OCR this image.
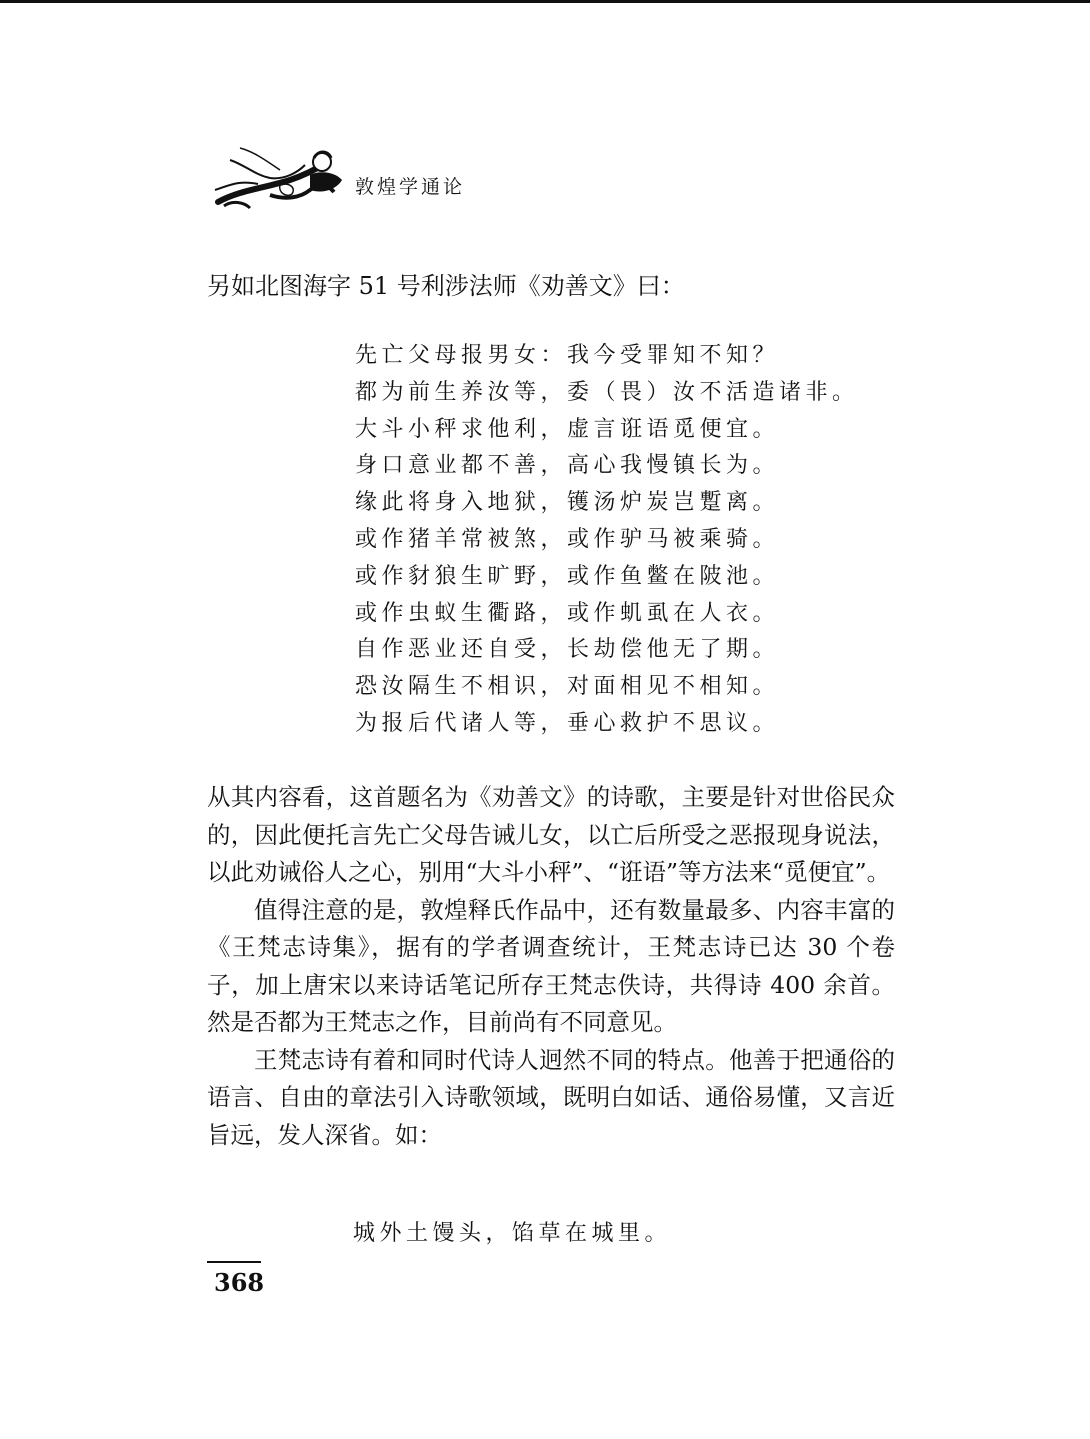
敦煌学通论
另如北图海字 51 号利涉法师《劝善文》曰：
先亡父母报男女：我今受罪知不知？
都为前生养汝等，委（畏）汝不活造诸非。
大斗小秤求他利，虚言诳语觅便宜。
身口意业都不善，高心我慢镇长为。
缘此将身入地狱，镬汤炉炭岂蹔离。
或作猪羊常被煞，或作驴马被乘骑。
或作豺狼生旷野，或作鱼鳖在陂池。
或作虫蚁生衢路，或作虮虱在人衣。
自作恶业还自受，长劫偿他无了期。
恐汝隔生不相识，对面相见不相知。
为报后代诸人等，垂心救护不思议。

从其内容看，这首题名为《劝善文》的诗歌，主要是针对世俗民众的，因此便托言先亡父母告诫儿女，以亡后所受之恶报现身说法，以此劝诫俗人之心，别用“大斗小秤”、“诳语”等方法来“觅便宜”。

值得注意的是，敦煌释氏作品中，还有数量最多、内容丰富的《王梵志诗集》，据有的学者调查统计，王梵志诗已达 30 个卷子，加上唐宋以来诗话笔记所存王梵志佚诗，共得诗 400 余首。然是否都为王梵志之作，目前尚有不同意见。

王梵志诗有着和同时代诗人迥然不同的特点。他善于把通俗的语言、自由的章法引入诗歌领域，既明白如话、通俗易懂，又言近旨远，发人深省。如：

城外土馒头，馅草在城里。
368
